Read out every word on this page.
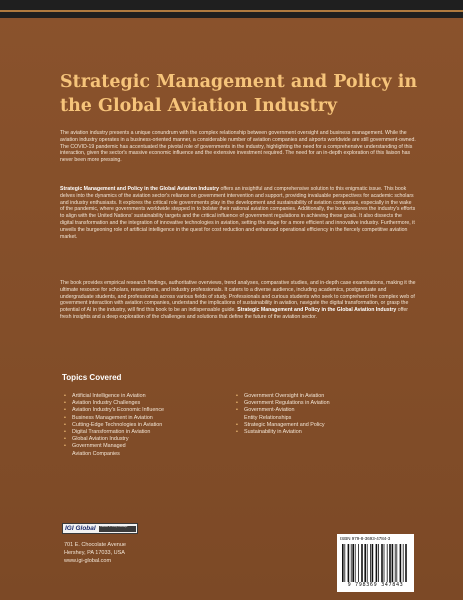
Strategic Management and Policy in the Global Aviation Industry

The aviation industry presents a unique conundrum with the complex relationship between government oversight and business management. While the aviation industry operates in a business-oriented manner, a considerable number of aviation companies and airports worldwide are still government-owned. The COVID-19 pandemic has accentuated the pivotal role of governments in the industry, highlighting the need for a comprehensive understanding of this interaction, given the sector's massive economic influence and the extensive investment required. The need for an in-depth exploration of this liaison has never been more pressing.

Strategic Management and Policy in the Global Aviation Industry offers an insightful and comprehensive solution to this enigmatic issue. This book delves into the dynamics of the aviation sector's reliance on government intervention and support, providing invaluable perspectives for academic scholars and industry enthusiasts. It explores the critical role governments play in the development and sustainability of aviation companies, especially in the wake of the pandemic, where governments worldwide stepped in to bolster their national aviation companies. Additionally, the book explores the industry's efforts to align with the United Nations' sustainability targets and the critical influence of government regulations in achieving these goals. It also dissects the digital transformation and the integration of innovative technologies in aviation, setting the stage for a more efficient and innovative industry. Furthermore, it unveils the burgeoning role of artificial intelligence in the quest for cost reduction and enhanced operational efficiency in the fiercely competitive aviation market.

The book provides empirical research findings, authoritative overviews, trend analyses, comparative studies, and in-depth case examinations, making it the ultimate resource for scholars, researchers, and industry professionals. It caters to a diverse audience, including academics, postgraduate and undergraduate students, and professionals across various fields of study. Professionals and curious students who seek to comprehend the complex web of government interaction with aviation companies, understand the implications of sustainability in aviation, navigate the digital transformation, or grasp the potential of AI in the industry, will find this book to be an indispensable guide. Strategic Management and Policy in the Global Aviation Industry offer fresh insights and a deep exploration of the challenges and solutions that define the future of the aviation sector.

Topics Covered
• Artificial Intelligence in Aviation
• Aviation Industry Challenges
• Aviation Industry's Economic Influence
• Business Management in Aviation
• Cutting-Edge Technologies in Aviation
• Digital Transformation in Aviation
• Global Aviation Industry
• Government Managed
Aviation Companies
• Government Oversight in Aviation
• Government Regulations in Aviation
• Government-Aviation
Entity Relationships
• Strategic Management and Policy
• Sustainability in Aviation
IGI Global	Publisher of Timely Knowledge

701 E. Chocolate Avenue
Hershey, PA 17033, USA
www.igi-global.com

ISBN 979-8-3693-4784-3
9 798369 347843
